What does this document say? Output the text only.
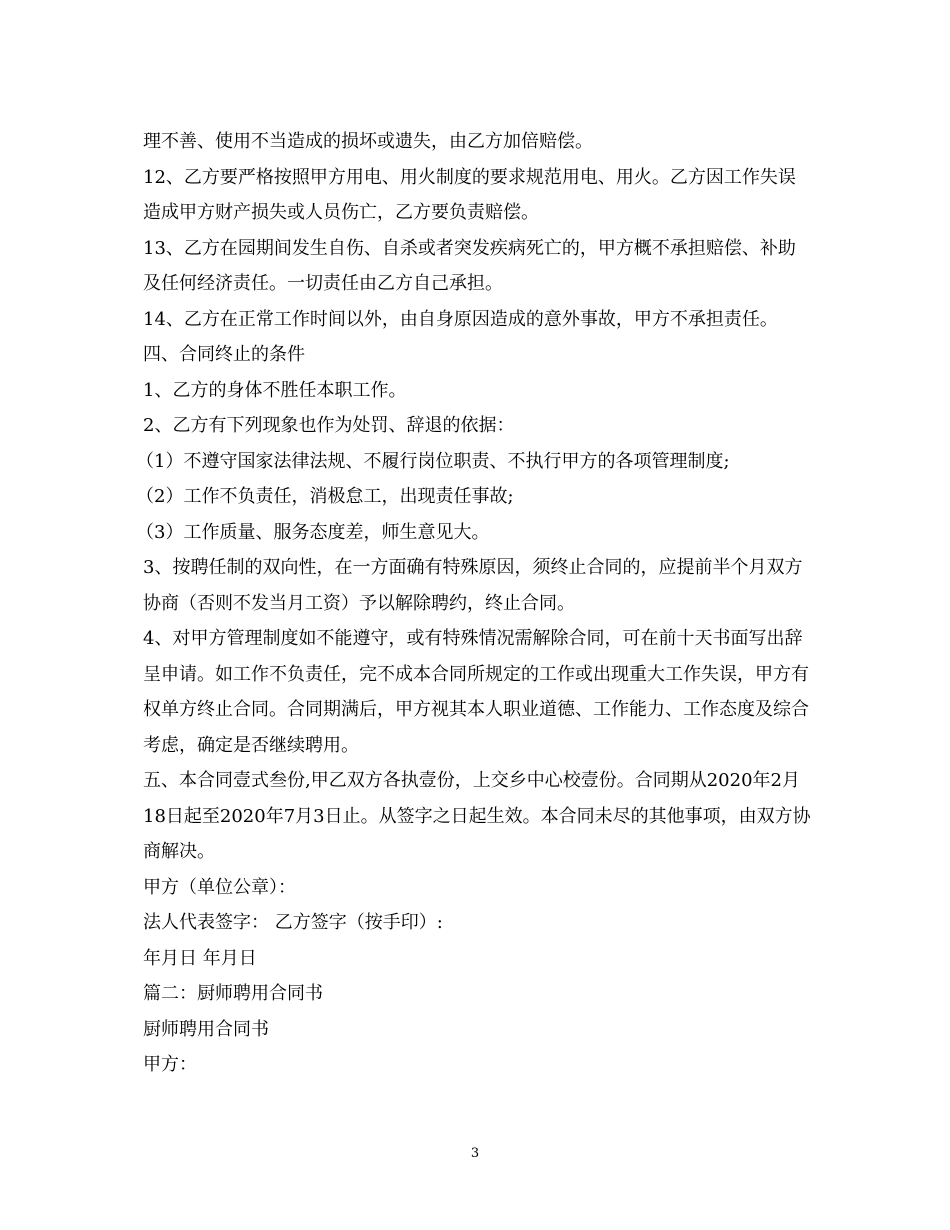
理不善、使用不当造成的损坏或遗失，由乙方加倍赔偿。

12、乙方要严格按照甲方用电、用火制度的要求规范用电、用火。乙方因工作失误造成甲方财产损失或人员伤亡，乙方要负责赔偿。

13、乙方在园期间发生自伤、自杀或者突发疾病死亡的，甲方概不承担赔偿、补助及任何经济责任。一切责任由乙方自己承担。

14、乙方在正常工作时间以外，由自身原因造成的意外事故，甲方不承担责任。

四、合同终止的条件

1、乙方的身体不胜任本职工作。

2、乙方有下列现象也作为处罚、辞退的依据：

（1）不遵守国家法律法规、不履行岗位职责、不执行甲方的各项管理制度;

（2）工作不负责任，消极怠工，出现责任事故;

（3）工作质量、服务态度差，师生意见大。

3、按聘任制的双向性，在一方面确有特殊原因，须终止合同的，应提前半个月双方协商（否则不发当月工资）予以解除聘约，终止合同。

4、对甲方管理制度如不能遵守，或有特殊情况需解除合同，可在前十天书面写出辞呈申请。如工作不负责任，完不成本合同所规定的工作或出现重大工作失误，甲方有权单方终止合同。合同期满后，甲方视其本人职业道德、工作能力、工作态度及综合考虑，确定是否继续聘用。

五、本合同壹式叁份,甲乙双方各执壹份，上交乡中心校壹份。合同期从2020年2月18日起至2020年7月3日止。从签字之日起生效。本合同未尽的其他事项，由双方协商解决。

甲方（单位公章）：

法人代表签字： 乙方签字（按手印）:

年月日 年月日

篇二：厨师聘用合同书

厨师聘用合同书

甲方：

3
